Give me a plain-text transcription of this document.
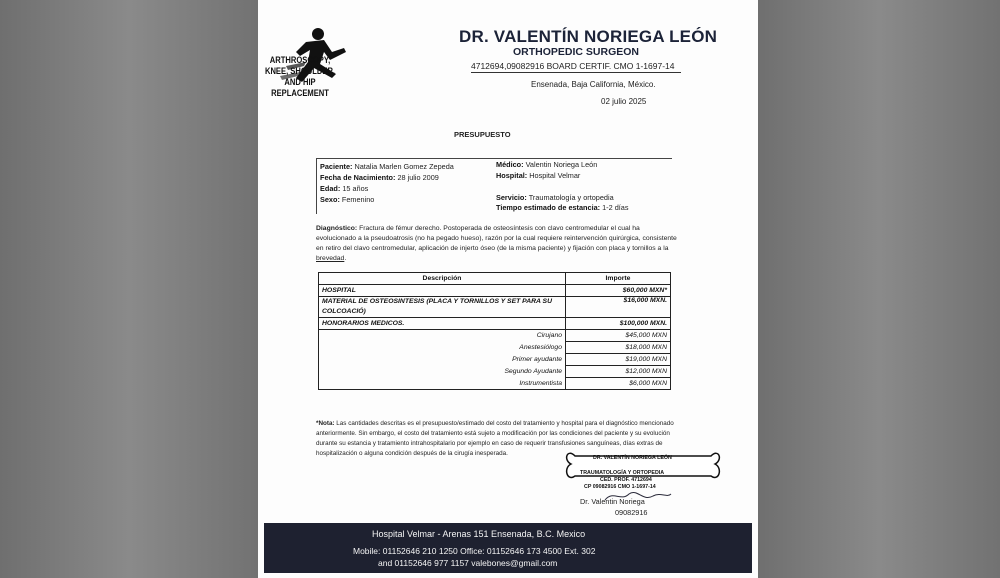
ARTHROSCOPY, KNEE, SHOULDER, AND HIP REPLACEMENT
DR. VALENTÍN NORIEGA LEÓN
ORTHOPEDIC SURGEON
4712694,09082916 BOARD CERTIF. CMO 1-1697-14
Ensenada, Baja California, México.
02 julio 2025
PRESUPUESTO
Paciente: Natalia Marlen Gomez Zepeda
Fecha de Nacimiento: 28 julio 2009
Edad: 15 años
Sexo: Femenino
Médico: Valentin Noriega León
Hospital: Hospital Velmar
Servicio: Traumatología y ortopedia
Tiempo estimado de estancia: 1-2 días
Diagnóstico: Fractura de fémur derecho. Postoperada de osteosíntesis con clavo centromedular el cual ha evolucionado a la pseudoatrosis (no ha pegado hueso), razón por la cual requiere reintervención quirúrgica, consistente en retiro del clavo centromedular, aplicación de injerto óseo (de la misma paciente) y fijación con placa y tornillos a la brevedad.
Descripción	Importe
HOSPITAL	$60,000 MXN*
MATERIAL DE OSTEOSINTESIS (PLACA Y TORNILLOS Y SET PARA SU COLCOACIÓ)	$16,000 MXN.
HONORARIOS MEDICOS.	$100,000 MXN.
Cirujano	$45,000 MXN
Anestesiólogo	$18,000 MXN
Primer ayudante	$19,000 MXN
Segundo Ayudante	$12,000 MXN
Instrumentista	$6,000 MXN
*Nota: Las cantidades descritas es el presupuesto/estimado del costo del tratamiento y hospital para el diagnóstico mencionado anteriormente. Sin embargo, el costo del tratamiento está sujeto a modificación por las condiciones del paciente y su evolución durante su estancia y tratamiento intrahospitalario por ejemplo en caso de requerir transfusiones sanguíneas, días extras de hospitalización o alguna condición después de la cirugía inesperada.
DR. VALENTÍN NORIEGA LEÓN
TRAUMATOLOGÍA Y ORTOPEDIA
CED. PROF. 4712694
CP 09082916 CMO 1-1697-14
Dr. Valentin Noriega
09082916
Hospital Velmar - Arenas 151 Ensenada, B.C. Mexico
Mobile: 01152646 210 1250 Office: 01152646 173 4500 Ext. 302
and 01152646 977 1157 valebones@gmail.com
